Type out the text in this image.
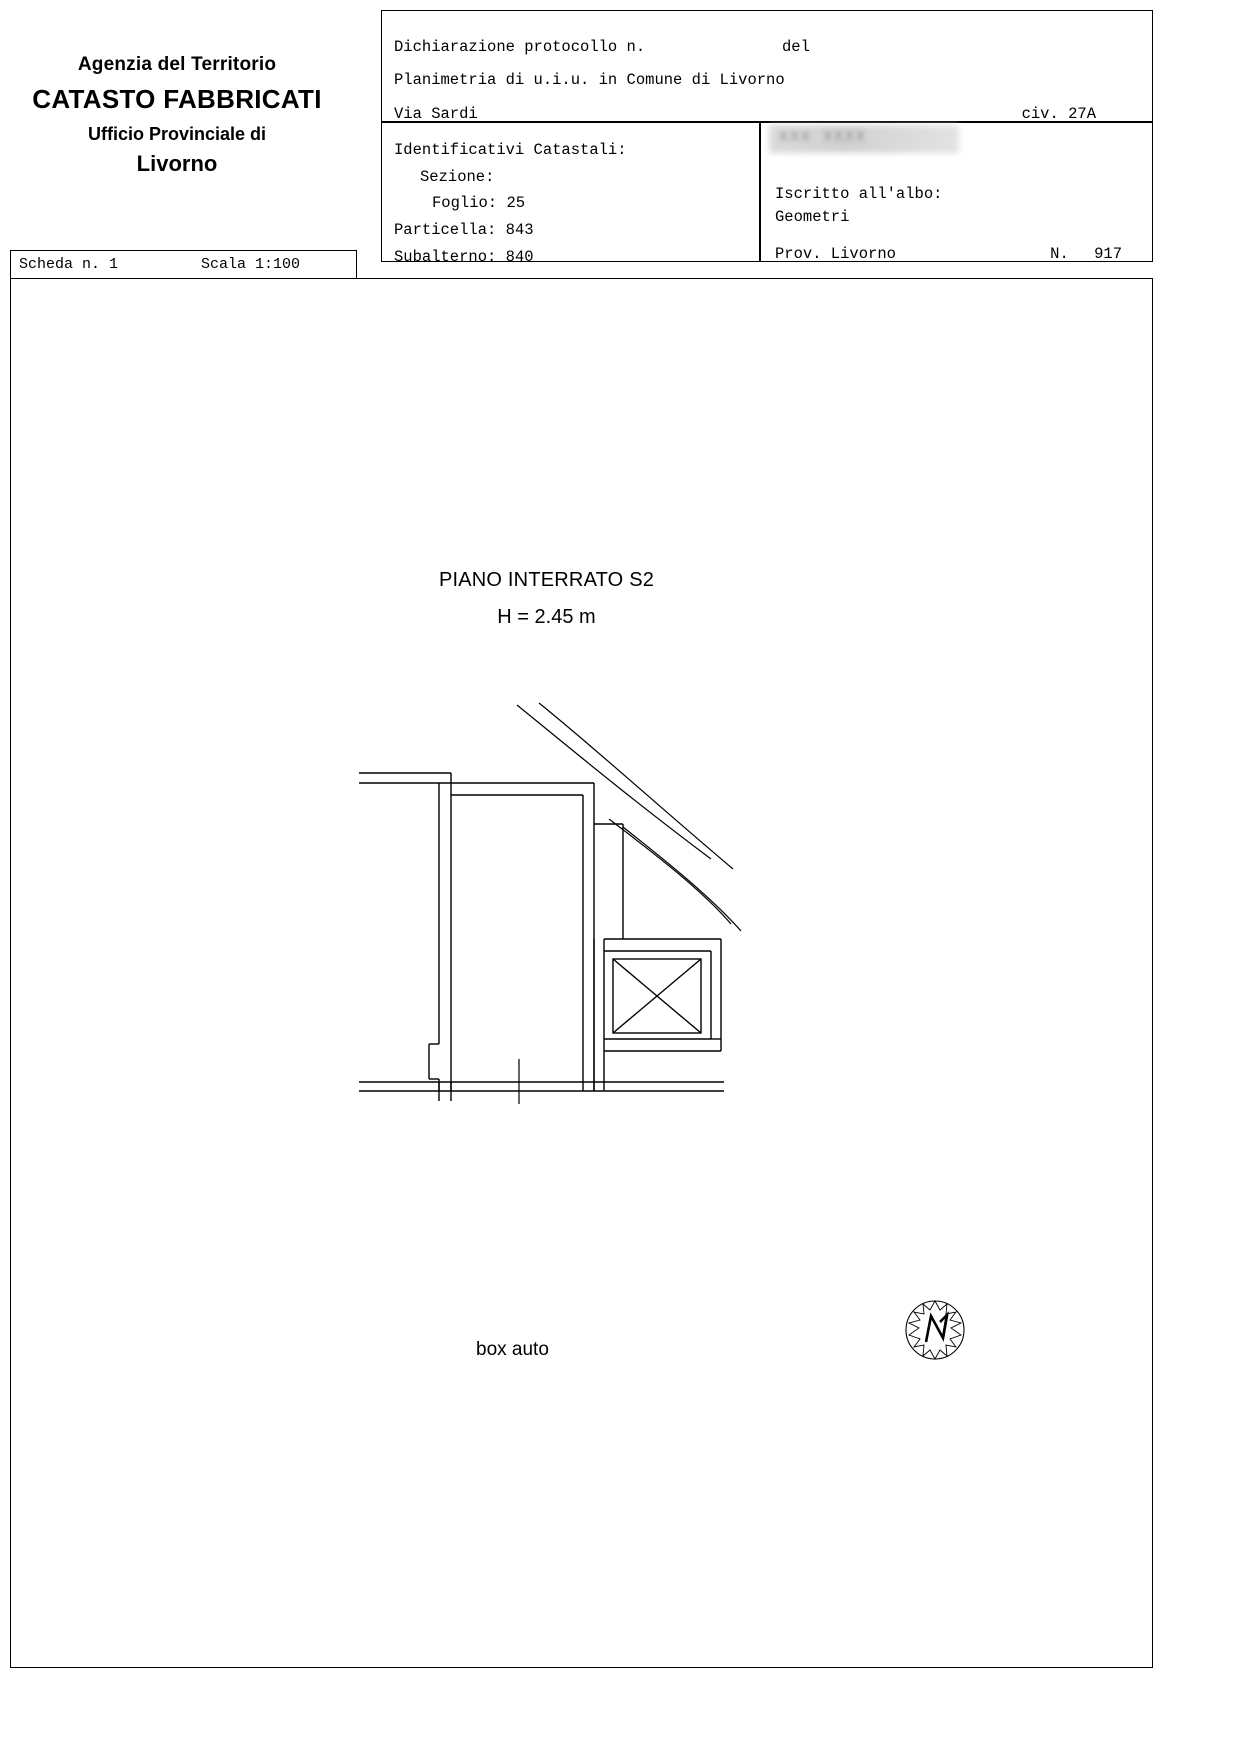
Agenzia del Territorio
CATASTO FABBRICATI
Ufficio Provinciale di
Livorno
Dichiarazione protocollo n.	del
Planimetria di u.i.u. in Comune di Livorno
Via Sardi	civ. 27A
Identificativi Catastali:
Sezione:
Foglio: 25
Particella: 843
Subalterno: 840
XXX XXXX
Iscritto all'albo:
Geometri
Prov. Livorno	N. 917
Scheda n. 1	Scala 1:100
PIANO INTERRATO S2
H = 2.45 m
box auto
